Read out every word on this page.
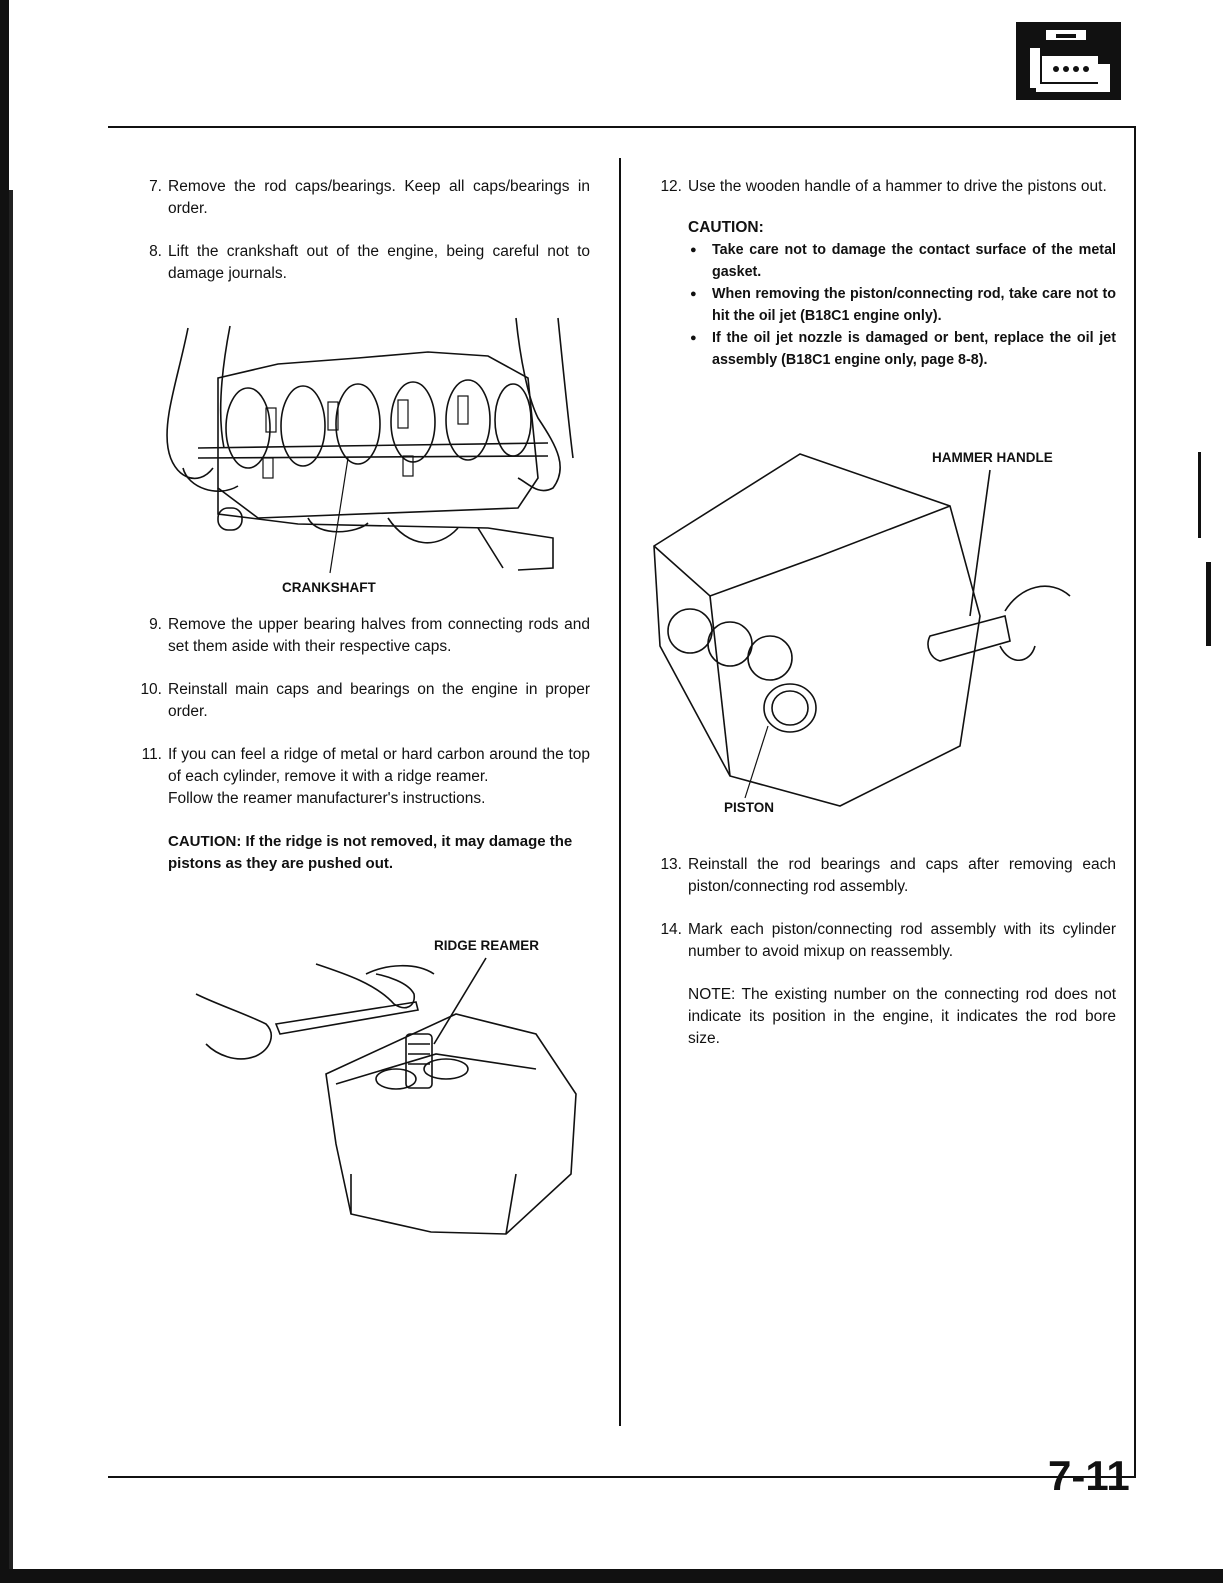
7. Remove the rod caps/bearings. Keep all caps/bearings in order.
8. Lift the crankshaft out of the engine, being careful not to damage journals.
CRANKSHAFT
9. Remove the upper bearing halves from connecting rods and set them aside with their respective caps.
10. Reinstall main caps and bearings on the engine in proper order.
11. If you can feel a ridge of metal or hard carbon around the top of each cylinder, remove it with a ridge reamer.
Follow the reamer manufacturer's instructions.
CAUTION: If the ridge is not removed, it may damage the pistons as they are pushed out.
RIDGE REAMER
12. Use the wooden handle of a hammer to drive the pistons out.
CAUTION:
● Take care not to damage the contact surface of the metal gasket.
● When removing the piston/connecting rod, take care not to hit the oil jet (B18C1 engine only).
● If the oil jet nozzle is damaged or bent, replace the oil jet assembly (B18C1 engine only, page 8-8).
HAMMER HANDLE
PISTON
13. Reinstall the rod bearings and caps after removing each piston/connecting rod assembly.
14. Mark each piston/connecting rod assembly with its cylinder number to avoid mixup on reassembly.
NOTE: The existing number on the connecting rod does not indicate its position in the engine, it indicates the rod bore size.
7-11
